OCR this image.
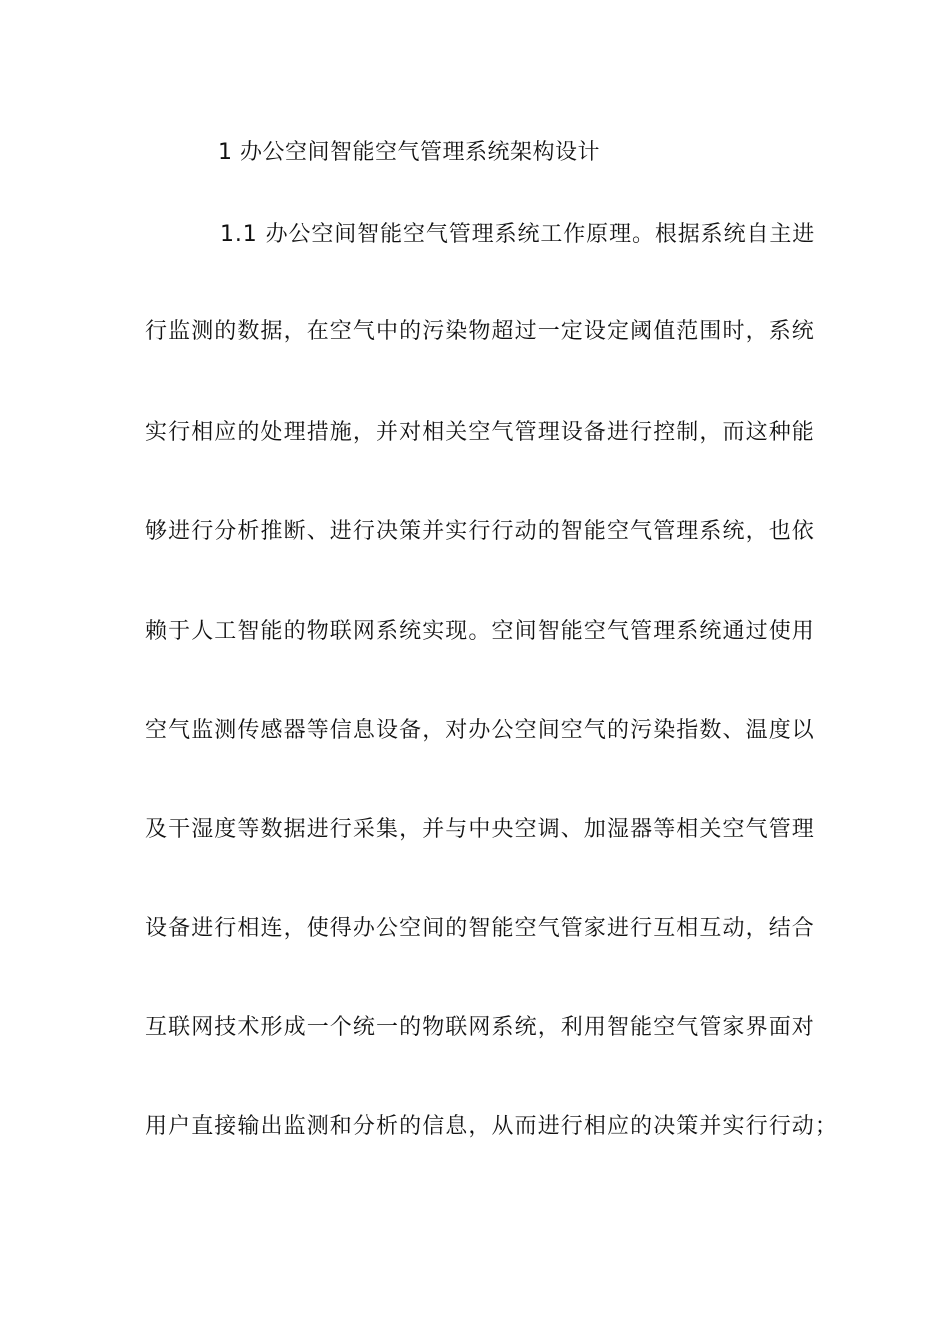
1 办公空间智能空气管理系统架构设计
1.1 办公空间智能空气管理系统工作原理。根据系统自主进
行监测的数据，在空气中的污染物超过一定设定阈值范围时，系统
实行相应的处理措施，并对相关空气管理设备进行控制，而这种能
够进行分析推断、进行决策并实行行动的智能空气管理系统，也依
赖于人工智能的物联网系统实现。空间智能空气管理系统通过使用
空气监测传感器等信息设备，对办公空间空气的污染指数、温度以
及干湿度等数据进行采集，并与中央空调、加湿器等相关空气管理
设备进行相连，使得办公空间的智能空气管家进行互相互动，结合
互联网技术形成一个统一的物联网系统，利用智能空气管家界面对
用户直接输出监测和分析的信息，从而进行相应的决策并实行行动；
